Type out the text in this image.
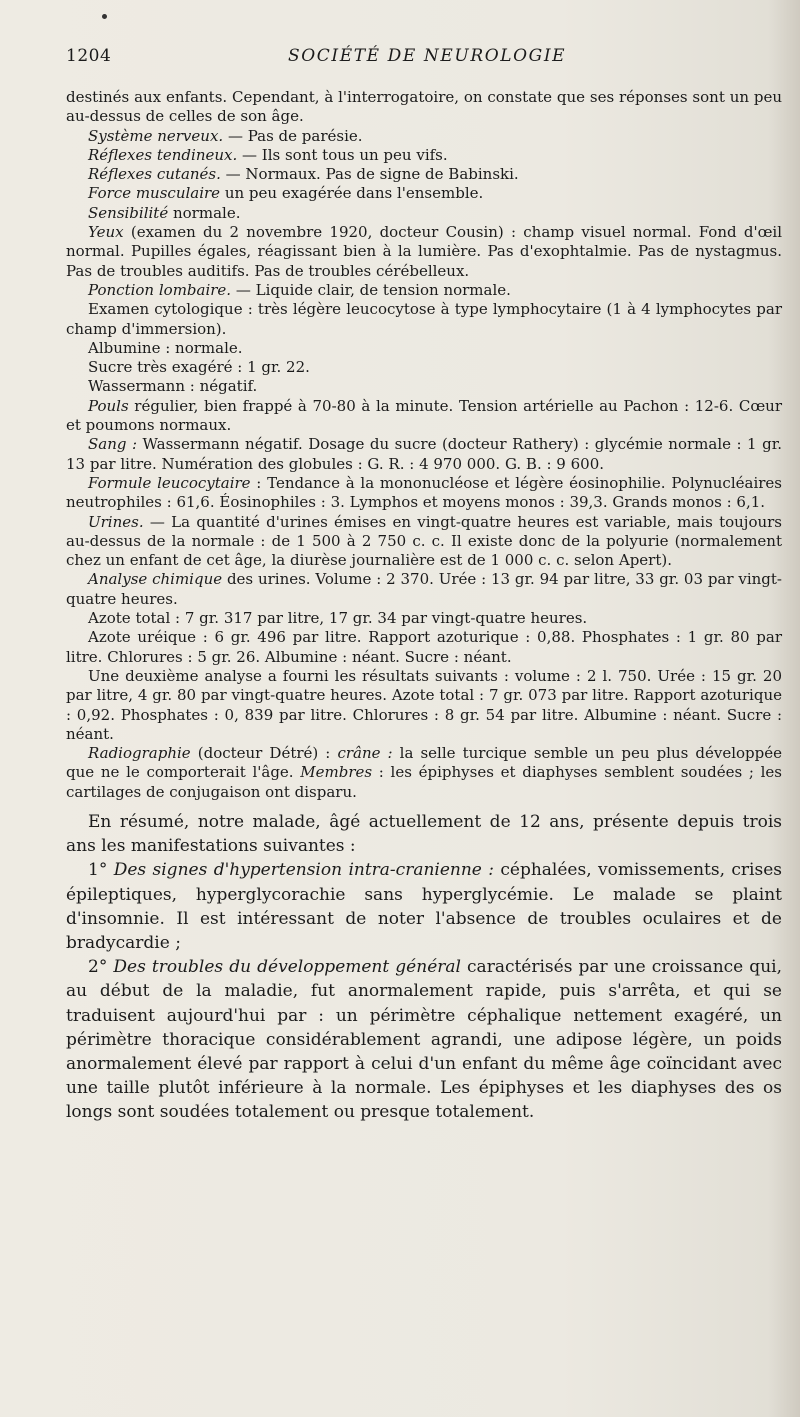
1204	SOCIÉTÉ DE NEUROLOGIE

destinés aux enfants. Cependant, à l'interrogatoire, on constate que ses réponses sont un peu au-dessus de celles de son âge.

Système nerveux. — Pas de parésie.

Réflexes tendineux. — Ils sont tous un peu vifs.

Réflexes cutanés. — Normaux. Pas de signe de Babinski.

Force musculaire un peu exagérée dans l'ensemble.

Sensibilité normale.

Yeux (examen du 2 novembre 1920, docteur Cousin) : champ visuel normal. Fond d'œil normal. Pupilles égales, réagissant bien à la lumière. Pas d'exophtalmie. Pas de nystagmus. Pas de troubles auditifs. Pas de troubles cérébelleux.

Ponction lombaire. — Liquide clair, de tension normale.

Examen cytologique : très légère leucocytose à type lymphocytaire (1 à 4 lymphocytes par champ d'immersion).

Albumine : normale.

Sucre très exagéré : 1 gr. 22.

Wassermann : négatif.

Pouls régulier, bien frappé à 70-80 à la minute. Tension artérielle au Pachon : 12-6. Cœur et poumons normaux.

Sang : Wassermann négatif. Dosage du sucre (docteur Rathery) : glycémie normale : 1 gr. 13 par litre. Numération des globules : G. R. : 4 970 000. G. B. : 9 600.

Formule leucocytaire : Tendance à la mononucléose et légère éosinophilie. Polynucléaires neutrophiles : 61,6. Éosinophiles : 3. Lymphos et moyens monos : 39,3. Grands monos : 6,1.

Urines. — La quantité d'urines émises en vingt-quatre heures est variable, mais toujours au-dessus de la normale : de 1 500 à 2 750 c. c. Il existe donc de la polyurie (normalement chez un enfant de cet âge, la diurèse journalière est de 1 000 c. c. selon Apert).

Analyse chimique des urines. Volume : 2 370. Urée : 13 gr. 94 par litre, 33 gr. 03 par vingt-quatre heures.

Azote total : 7 gr. 317 par litre, 17 gr. 34 par vingt-quatre heures.

Azote uréique : 6 gr. 496 par litre. Rapport azoturique : 0,88. Phosphates : 1 gr. 80 par litre. Chlorures : 5 gr. 26. Albumine : néant. Sucre : néant.

Une deuxième analyse a fourni les résultats suivants : volume : 2 l. 750. Urée : 15 gr. 20 par litre, 4 gr. 80 par vingt-quatre heures. Azote total : 7 gr. 073 par litre. Rapport azoturique : 0,92. Phosphates : 0, 839 par litre. Chlorures : 8 gr. 54 par litre. Albumine : néant. Sucre : néant.

Radiographie (docteur Détré) : crâne : la selle turcique semble un peu plus développée que ne le comporterait l'âge. Membres : les épiphyses et diaphyses semblent soudées ; les cartilages de conjugaison ont disparu.

En résumé, notre malade, âgé actuellement de 12 ans, présente depuis trois ans les manifestations suivantes :

1° Des signes d'hypertension intra-cranienne : céphalées, vomissements, crises épileptiques, hyperglycorachie sans hyperglycémie. Le malade se plaint d'insomnie. Il est intéressant de noter l'absence de troubles oculaires et de bradycardie ;

2° Des troubles du développement général caractérisés par une croissance qui, au début de la maladie, fut anormalement rapide, puis s'arrêta, et qui se traduisent aujourd'hui par : un périmètre céphalique nettement exagéré, un périmètre thoracique considérablement agrandi, une adipose légère, un poids anormalement élevé par rapport à celui d'un enfant du même âge coïncidant avec une taille plutôt inférieure à la normale. Les épiphyses et les diaphyses des os longs sont soudées totalement ou presque totalement.
